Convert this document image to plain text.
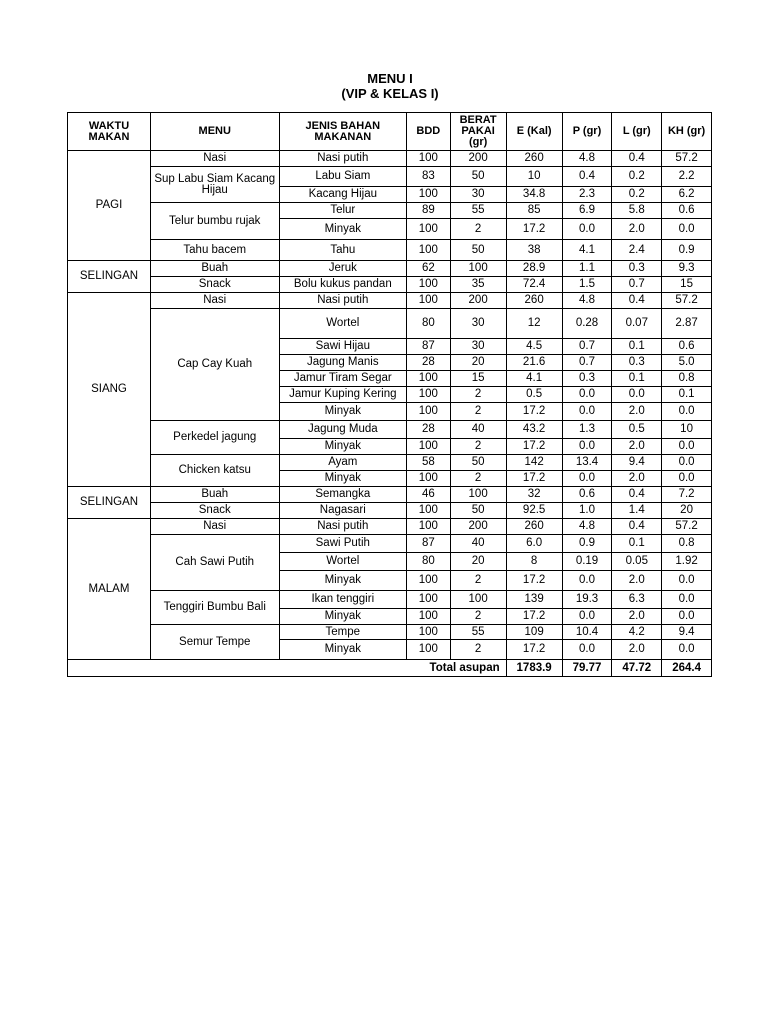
MENU I
(VIP & KELAS I)
WAKTU MAKAN	MENU	JENIS BAHAN MAKANAN	BDD	BERAT PAKAI (gr)	E (Kal)	P (gr)	L (gr)	KH (gr)
PAGI	Nasi	Nasi putih	100	200	260	4.8	0.4	57.2
	Sup Labu Siam Kacang Hijau	Labu Siam	83	50	10	0.4	0.2	2.2
		Kacang Hijau	100	30	34.8	2.3	0.2	6.2
	Telur bumbu rujak	Telur	89	55	85	6.9	5.8	0.6
		Minyak	100	2	17.2	0.0	2.0	0.0
	Tahu bacem	Tahu	100	50	38	4.1	2.4	0.9
SELINGAN	Buah	Jeruk	62	100	28.9	1.1	0.3	9.3
	Snack	Bolu kukus pandan	100	35	72.4	1.5	0.7	15
SIANG	Nasi	Nasi putih	100	200	260	4.8	0.4	57.2
	Cap Cay Kuah	Wortel	80	30	12	0.28	0.07	2.87
		Sawi Hijau	87	30	4.5	0.7	0.1	0.6
		Jagung Manis	28	20	21.6	0.7	0.3	5.0
		Jamur Tiram Segar	100	15	4.1	0.3	0.1	0.8
		Jamur Kuping Kering	100	2	0.5	0.0	0.0	0.1
		Minyak	100	2	17.2	0.0	2.0	0.0
	Perkedel jagung	Jagung Muda	28	40	43.2	1.3	0.5	10
		Minyak	100	2	17.2	0.0	2.0	0.0
	Chicken katsu	Ayam	58	50	142	13.4	9.4	0.0
		Minyak	100	2	17.2	0.0	2.0	0.0
SELINGAN	Buah	Semangka	46	100	32	0.6	0.4	7.2
	Snack	Nagasari	100	50	92.5	1.0	1.4	20
MALAM	Nasi	Nasi putih	100	200	260	4.8	0.4	57.2
	Cah Sawi Putih	Sawi Putih	87	40	6.0	0.9	0.1	0.8
		Wortel	80	20	8	0.19	0.05	1.92
		Minyak	100	2	17.2	0.0	2.0	0.0
	Tenggiri Bumbu Bali	Ikan tenggiri	100	100	139	19.3	6.3	0.0
		Minyak	100	2	17.2	0.0	2.0	0.0
	Semur Tempe	Tempe	100	55	109	10.4	4.2	9.4
		Minyak	100	2	17.2	0.0	2.0	0.0
Total asupan					1783.9	79.77	47.72	264.4
